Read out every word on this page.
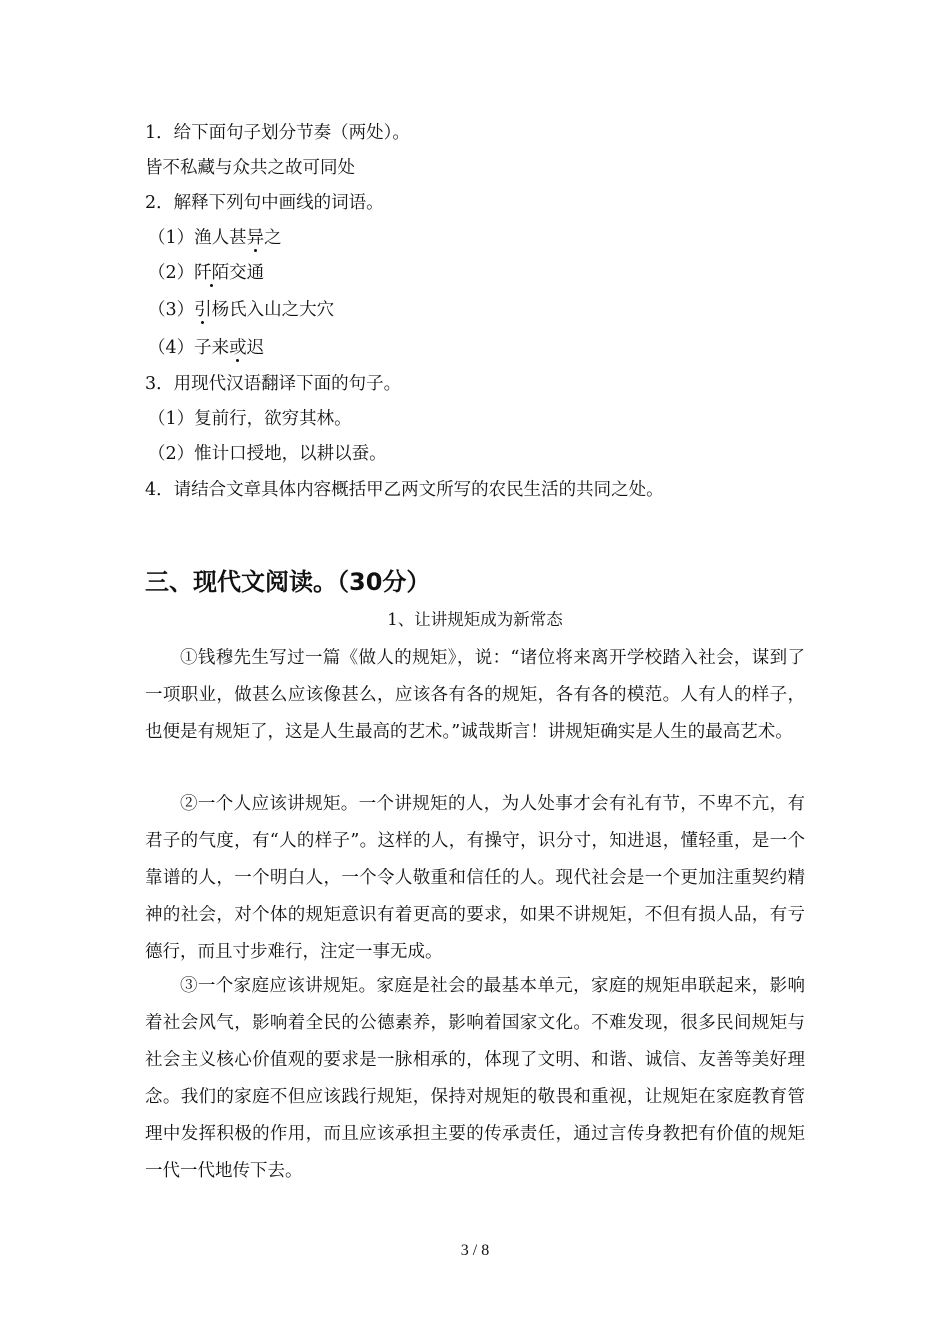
1．给下面句子划分节奏（两处）。
皆不私藏与众共之故可同处
2．解释下列句中画线的词语。
（1）渔人甚异之
（2）阡陌交通
（3）引杨氏入山之大穴
（4）子来或迟
3．用现代汉语翻译下面的句子。
（1）复前行，欲穷其林。
（2）惟计口授地，以耕以蚕。
4．请结合文章具体内容概括甲乙两文所写的农民生活的共同之处。
三、现代文阅读。（30分）
1、让讲规矩成为新常态

①钱穆先生写过一篇《做人的规矩》，说：“诸位将来离开学校踏入社会，谋到了一项职业，做甚么应该像甚么，应该各有各的规矩，各有各的模范。人有人的样子，也便是有规矩了，这是人生最高的艺术。”诚哉斯言！讲规矩确实是人生的最高艺术。

②一个人应该讲规矩。一个讲规矩的人，为人处事才会有礼有节，不卑不亢，有君子的气度，有“人的样子”。这样的人，有操守，识分寸，知进退，懂轻重，是一个靠谱的人，一个明白人，一个令人敬重和信任的人。现代社会是一个更加注重契约精神的社会，对个体的规矩意识有着更高的要求，如果不讲规矩，不但有损人品，有亏德行，而且寸步难行，注定一事无成。

③一个家庭应该讲规矩。家庭是社会的最基本单元，家庭的规矩串联起来，影响着社会风气，影响着全民的公德素养，影响着国家文化。不难发现，很多民间规矩与社会主义核心价值观的要求是一脉相承的，体现了文明、和谐、诚信、友善等美好理念。我们的家庭不但应该践行规矩，保持对规矩的敬畏和重视，让规矩在家庭教育管理中发挥积极的作用，而且应该承担主要的传承责任，通过言传身教把有价值的规矩一代一代地传下去。

3 / 8
